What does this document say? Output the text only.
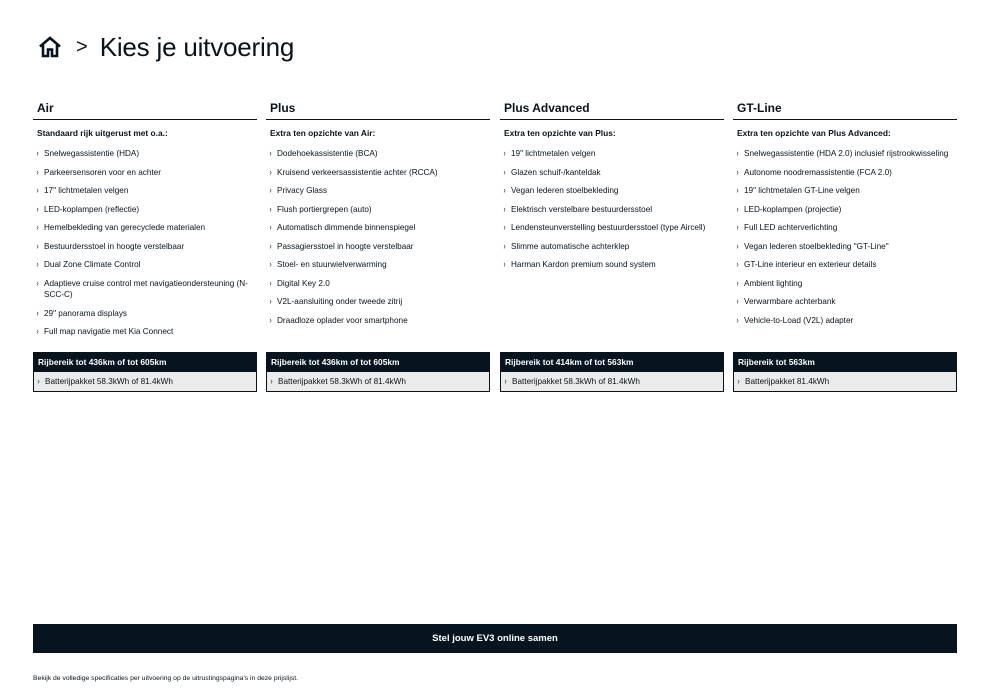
> Kies je uitvoering
Air
Standaard rijk uitgerust met o.a.:
› Snelwegassistentie (HDA)
› Parkeersensoren voor en achter
› 17" lichtmetalen velgen
› LED-koplampen (reflectie)
› Hemelbekleding van gerecyclede materialen
› Bestuurdersstoel in hoogte verstelbaar
› Dual Zone Climate Control
› Adaptieve cruise control met navigatieondersteuning (N-SCC-C)
› 29" panorama displays
› Full map navigatie met Kia Connect
Plus
Extra ten opzichte van Air:
› Dodehoekassistentie (BCA)
› Kruisend verkeersassistentie achter (RCCA)
› Privacy Glass
› Flush portiergrepen (auto)
› Automatisch dimmende binnenspiegel
› Passagiersstoel in hoogte verstelbaar
› Stoel- en stuurwielverwarming
› Digital Key 2.0
› V2L-aansluiting onder tweede zitrij
› Draadloze oplader voor smartphone
Plus Advanced
Extra ten opzichte van Plus:
› 19" lichtmetalen velgen
› Glazen schuif-/kanteldak
› Vegan lederen stoelbekleding
› Elektrisch verstelbare bestuurdersstoel
› Lendensteunverstelling bestuurdersstoel (type Aircell)
› Slimme automatische achterklep
› Harman Kardon premium sound system
GT-Line
Extra ten opzichte van Plus Advanced:
› Snelwegassistentie (HDA 2.0) inclusief rijstrookwisseling
› Autonome noodremassistentie (FCA 2.0)
› 19" lichtmetalen GT-Line velgen
› LED-koplampen (projectie)
› Full LED achterverlichting
› Vegan lederen stoelbekleding "GT-Line"
› GT-Line interieur en exterieur details
› Ambient lighting
› Verwarmbare achterbank
› Vehicle-to-Load (V2L) adapter
Rijbereik tot 436km of tot 605km
› Batterijpakket 58.3kWh of 81.4kWh
Rijbereik tot 436km of tot 605km
› Batterijpakket 58.3kWh of 81.4kWh
Rijbereik tot 414km of tot 563km
› Batterijpakket 58.3kWh of 81.4kWh
Rijbereik tot 563km
› Batterijpakket 81.4kWh
Stel jouw EV3 online samen
Bekijk de volledige specificaties per uitvoering op de uitrustingspagina's in deze prijslijst.
